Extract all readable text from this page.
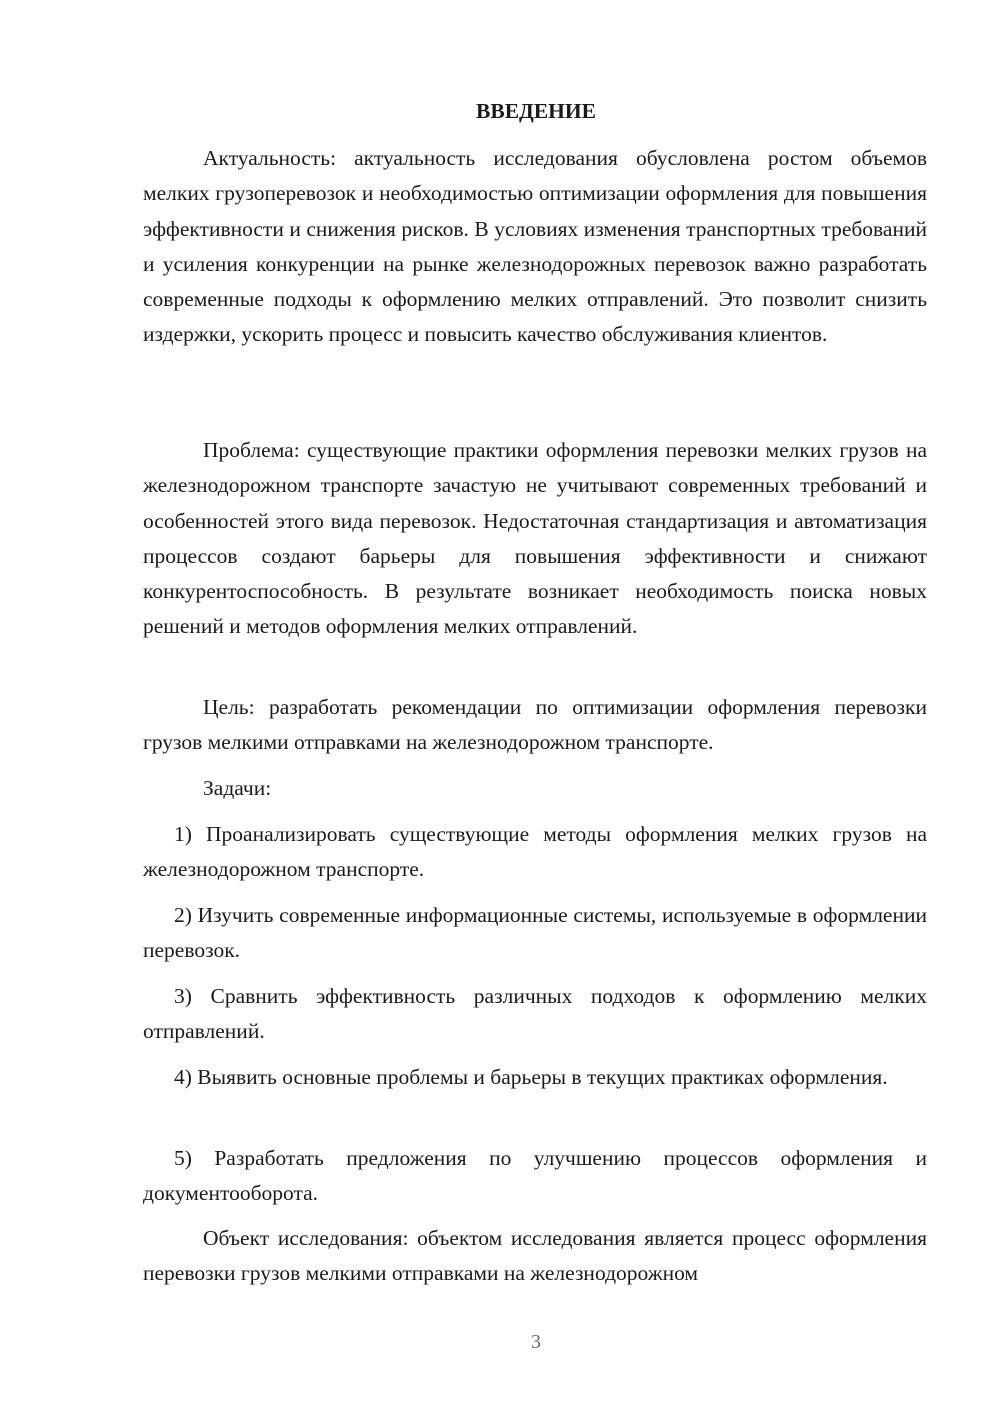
ВВЕДЕНИЕ

Актуальность: актуальность исследования обусловлена ростом объемов мелких грузоперевозок и необходимостью оптимизации оформления для повышения эффективности и снижения рисков. В условиях изменения транспортных требований и усиления конкуренции на рынке железнодорожных перевозок важно разработать современные подходы к оформлению мелких отправлений. Это позволит снизить издержки, ускорить процесс и повысить качество обслуживания клиентов.

Проблема: существующие практики оформления перевозки мелких грузов на железнодорожном транспорте зачастую не учитывают современных требований и особенностей этого вида перевозок. Недостаточная стандартизация и автоматизация процессов создают барьеры для повышения эффективности и снижают конкурентоспособность. В результате возникает необходимость поиска новых решений и методов оформления мелких отправлений.

Цель: разработать рекомендации по оптимизации оформления перевозки грузов мелкими отправками на железнодорожном транспорте.

Задачи:

1) Проанализировать существующие методы оформления мелких грузов на железнодорожном транспорте.

2) Изучить современные информационные системы, используемые в оформлении перевозок.

3) Сравнить эффективность различных подходов к оформлению мелких отправлений.

4) Выявить основные проблемы и барьеры в текущих практиках оформления.

5) Разработать предложения по улучшению процессов оформления и документооборота.

Объект исследования: объектом исследования является процесс оформления перевозки грузов мелкими отправками на железнодорожном

3
